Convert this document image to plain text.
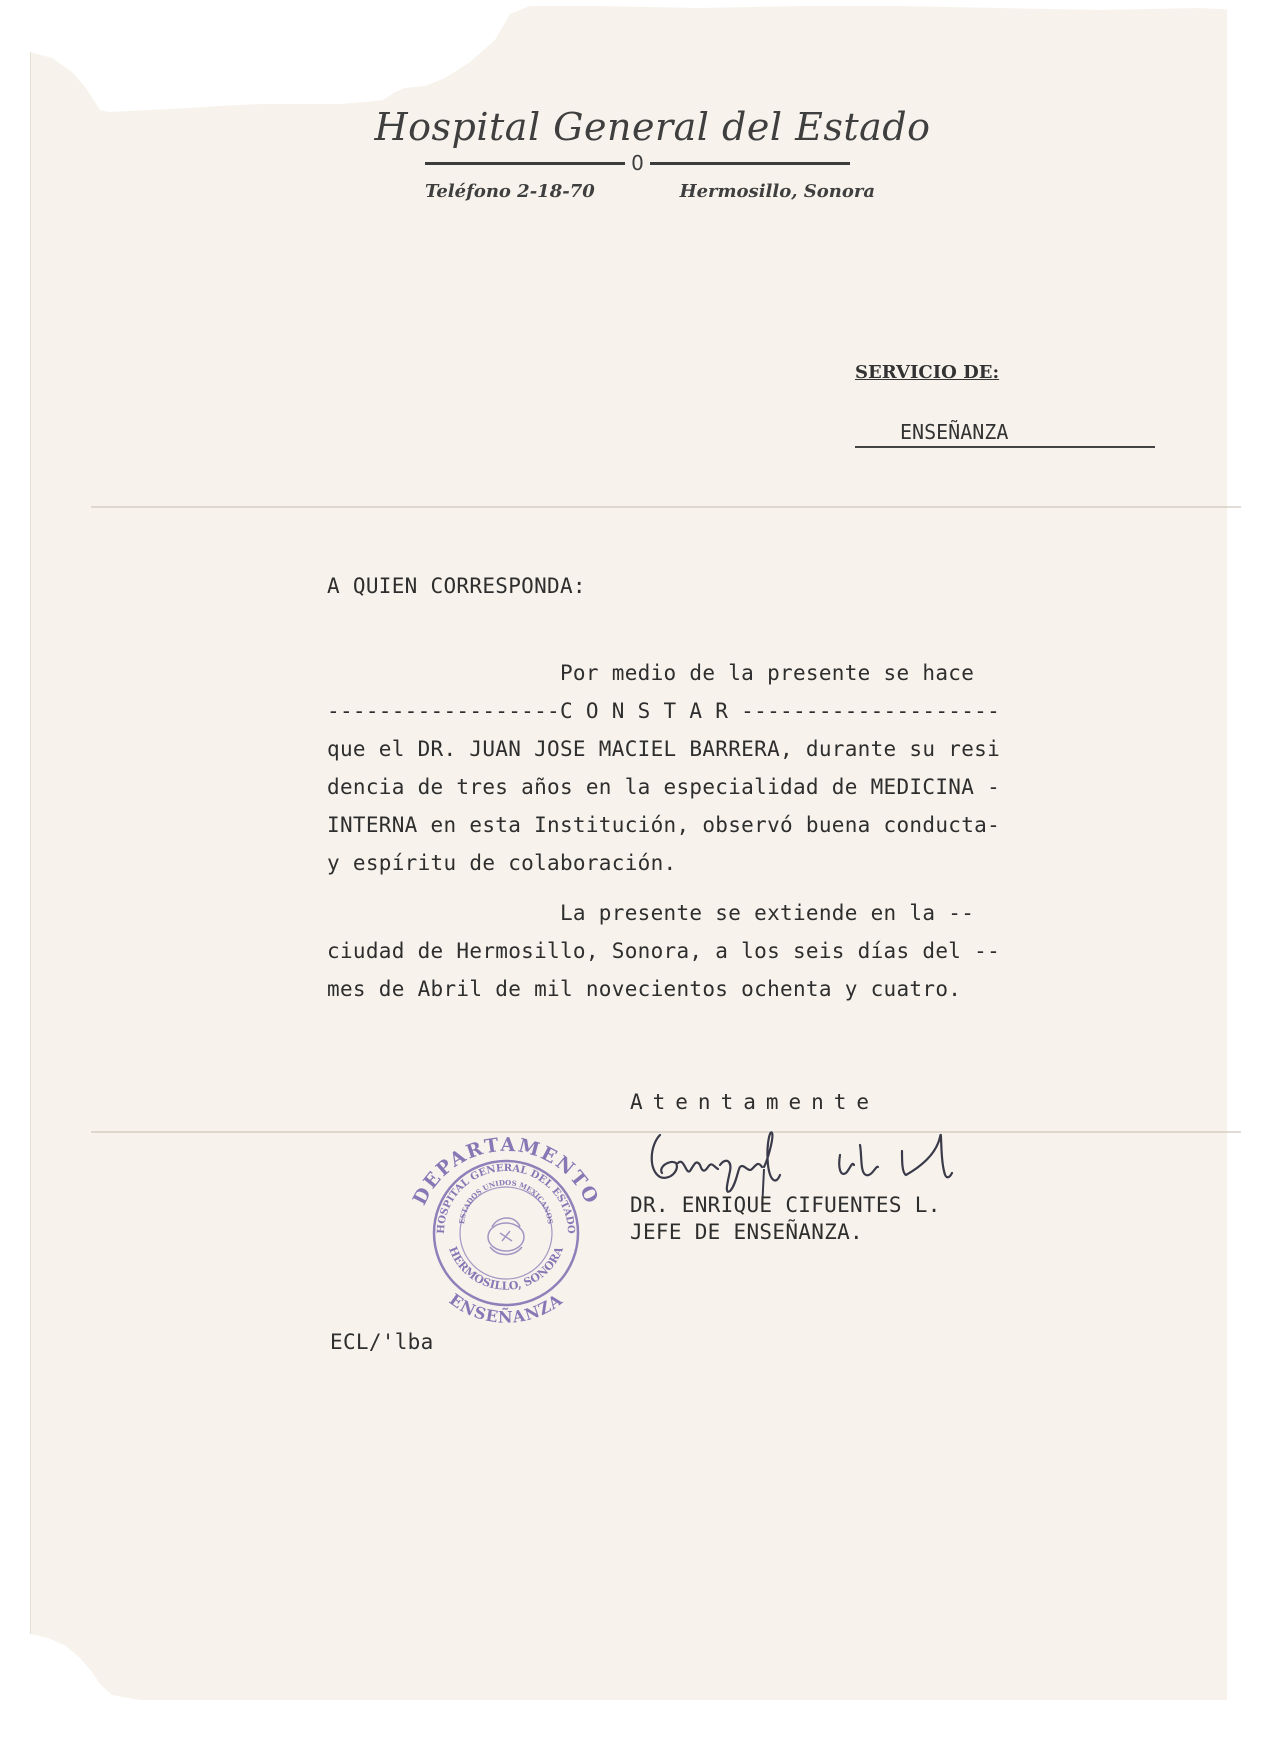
Hospital General del Estado
0
Teléfono 2-18-70	Hermosillo, Sonora
SERVICIO DE:
ENSEÑANZA
A QUIEN CORRESPONDA:
Por medio de la presente se hace
------------------C O N S T A R --------------------
que el DR. JUAN JOSE MACIEL BARRERA, durante su resi
dencia de tres años en la especialidad de MEDICINA -
INTERNA en esta Institución, observó buena conducta-
y espíritu de colaboración.
La presente se extiende en la --
ciudad de Hermosillo, Sonora, a los seis días del --
mes de Abril de mil novecientos ochenta y cuatro.
Atentamente
DR. ENRIQUE CIFUENTES L.
JEFE DE ENSEÑANZA.
DEPARTAMENTO
HOSPITAL GENERAL DEL ESTADO
ESTADOS UNIDOS MEXICANOS
HERMOSILLO, SONORA
ENSEÑANZA
ECL/'lba
